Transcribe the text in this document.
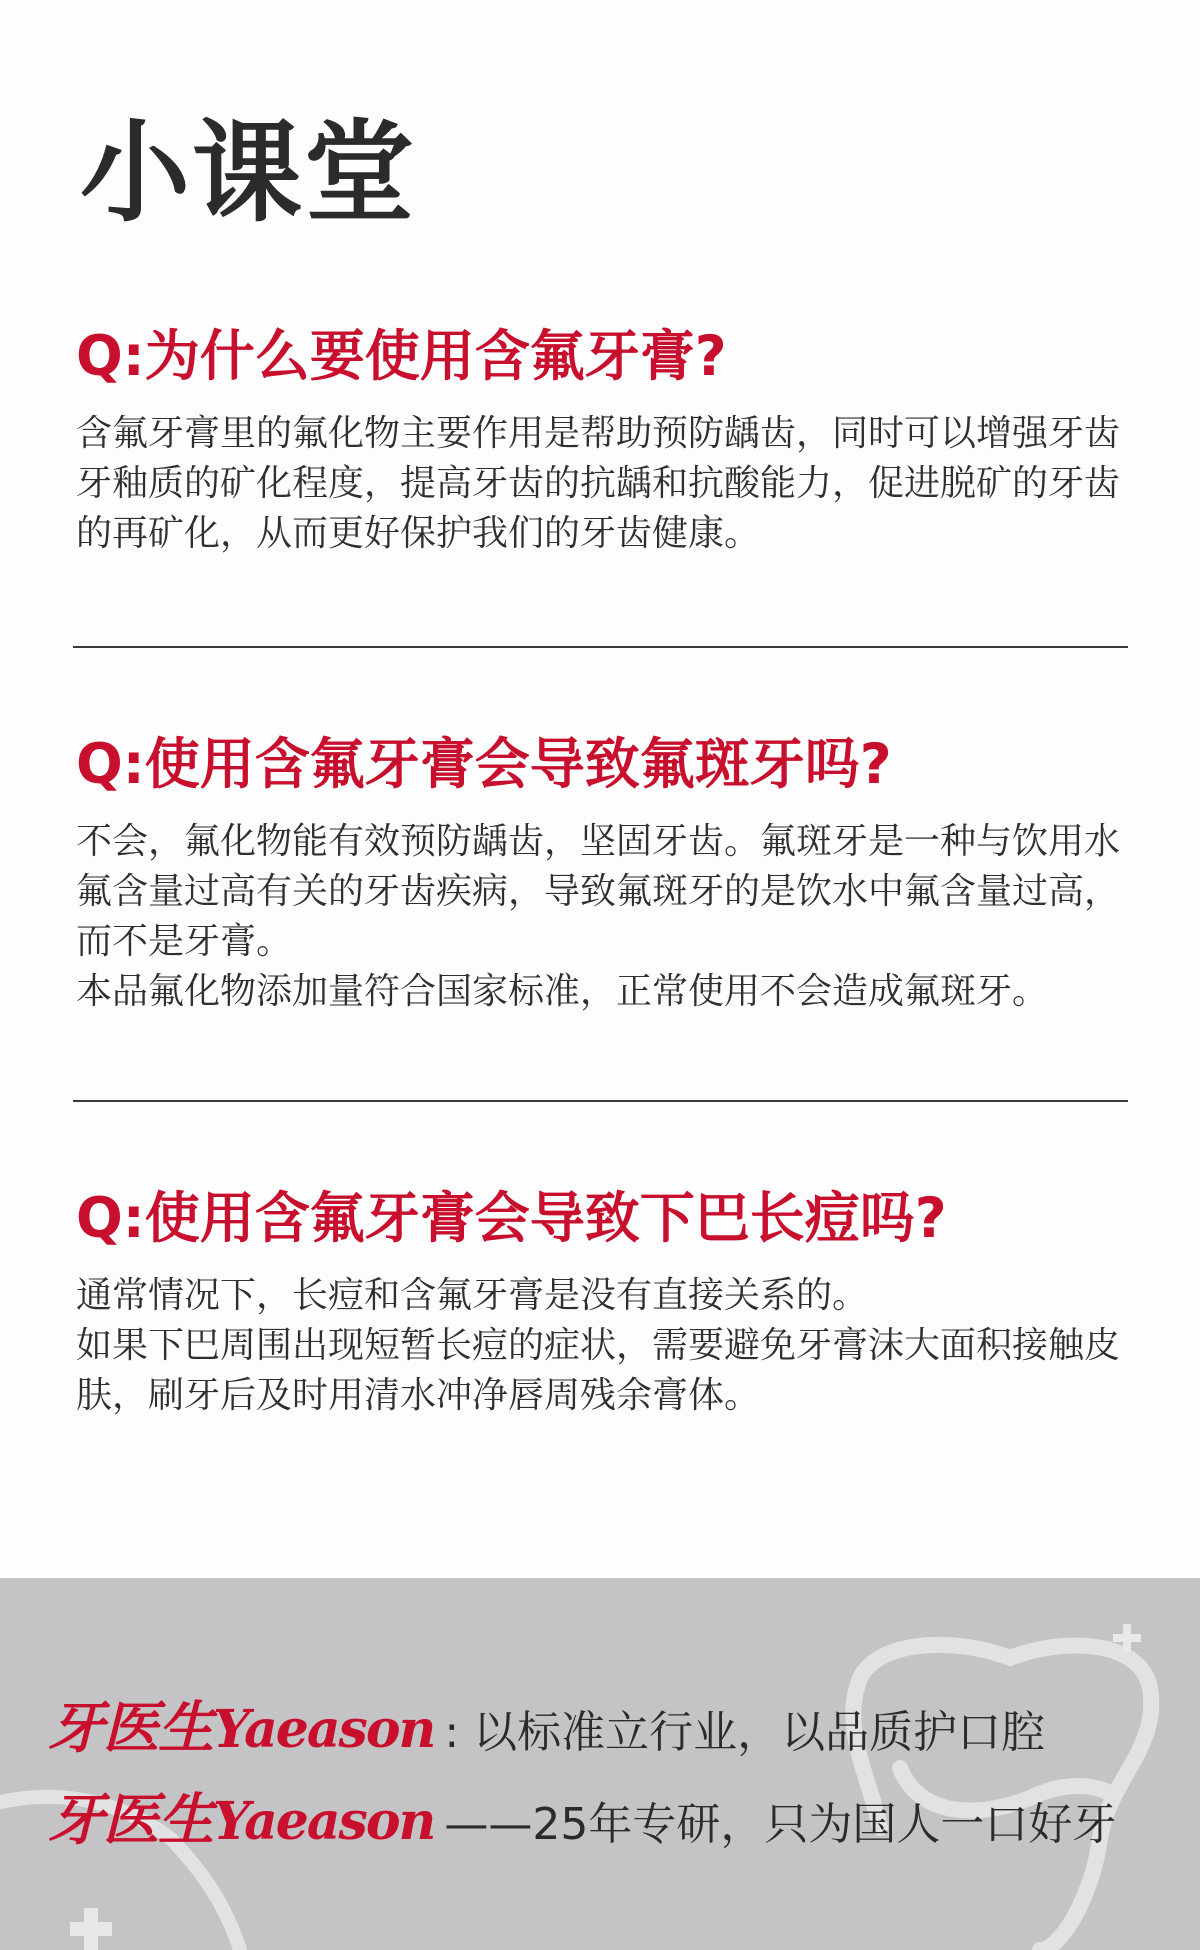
小课堂
Q:为什么要使用含氟牙膏?

含氟牙膏里的氟化物主要作用是帮助预防龋齿，同时可以增强牙齿牙釉质的矿化程度，提高牙齿的抗龋和抗酸能力，促进脱矿的牙齿的再矿化，从而更好保护我们的牙齿健康。

Q:使用含氟牙膏会导致氟斑牙吗?

不会，氟化物能有效预防龋齿，坚固牙齿。氟斑牙是一种与饮用水氟含量过高有关的牙齿疾病，导致氟斑牙的是饮水中氟含量过高，而不是牙膏。

本品氟化物添加量符合国家标准，正常使用不会造成氟斑牙。

Q:使用含氟牙膏会导致下巴长痘吗?

通常情况下，长痘和含氟牙膏是没有直接关系的。

如果下巴周围出现短暂长痘的症状，需要避免牙膏沫大面积接触皮肤，刷牙后及时用清水冲净唇周残余膏体。

牙医生 Yaeason : 以标准立行业，以品质护口腔
牙医生 Yaeason ——25年专研，只为国人一口好牙
